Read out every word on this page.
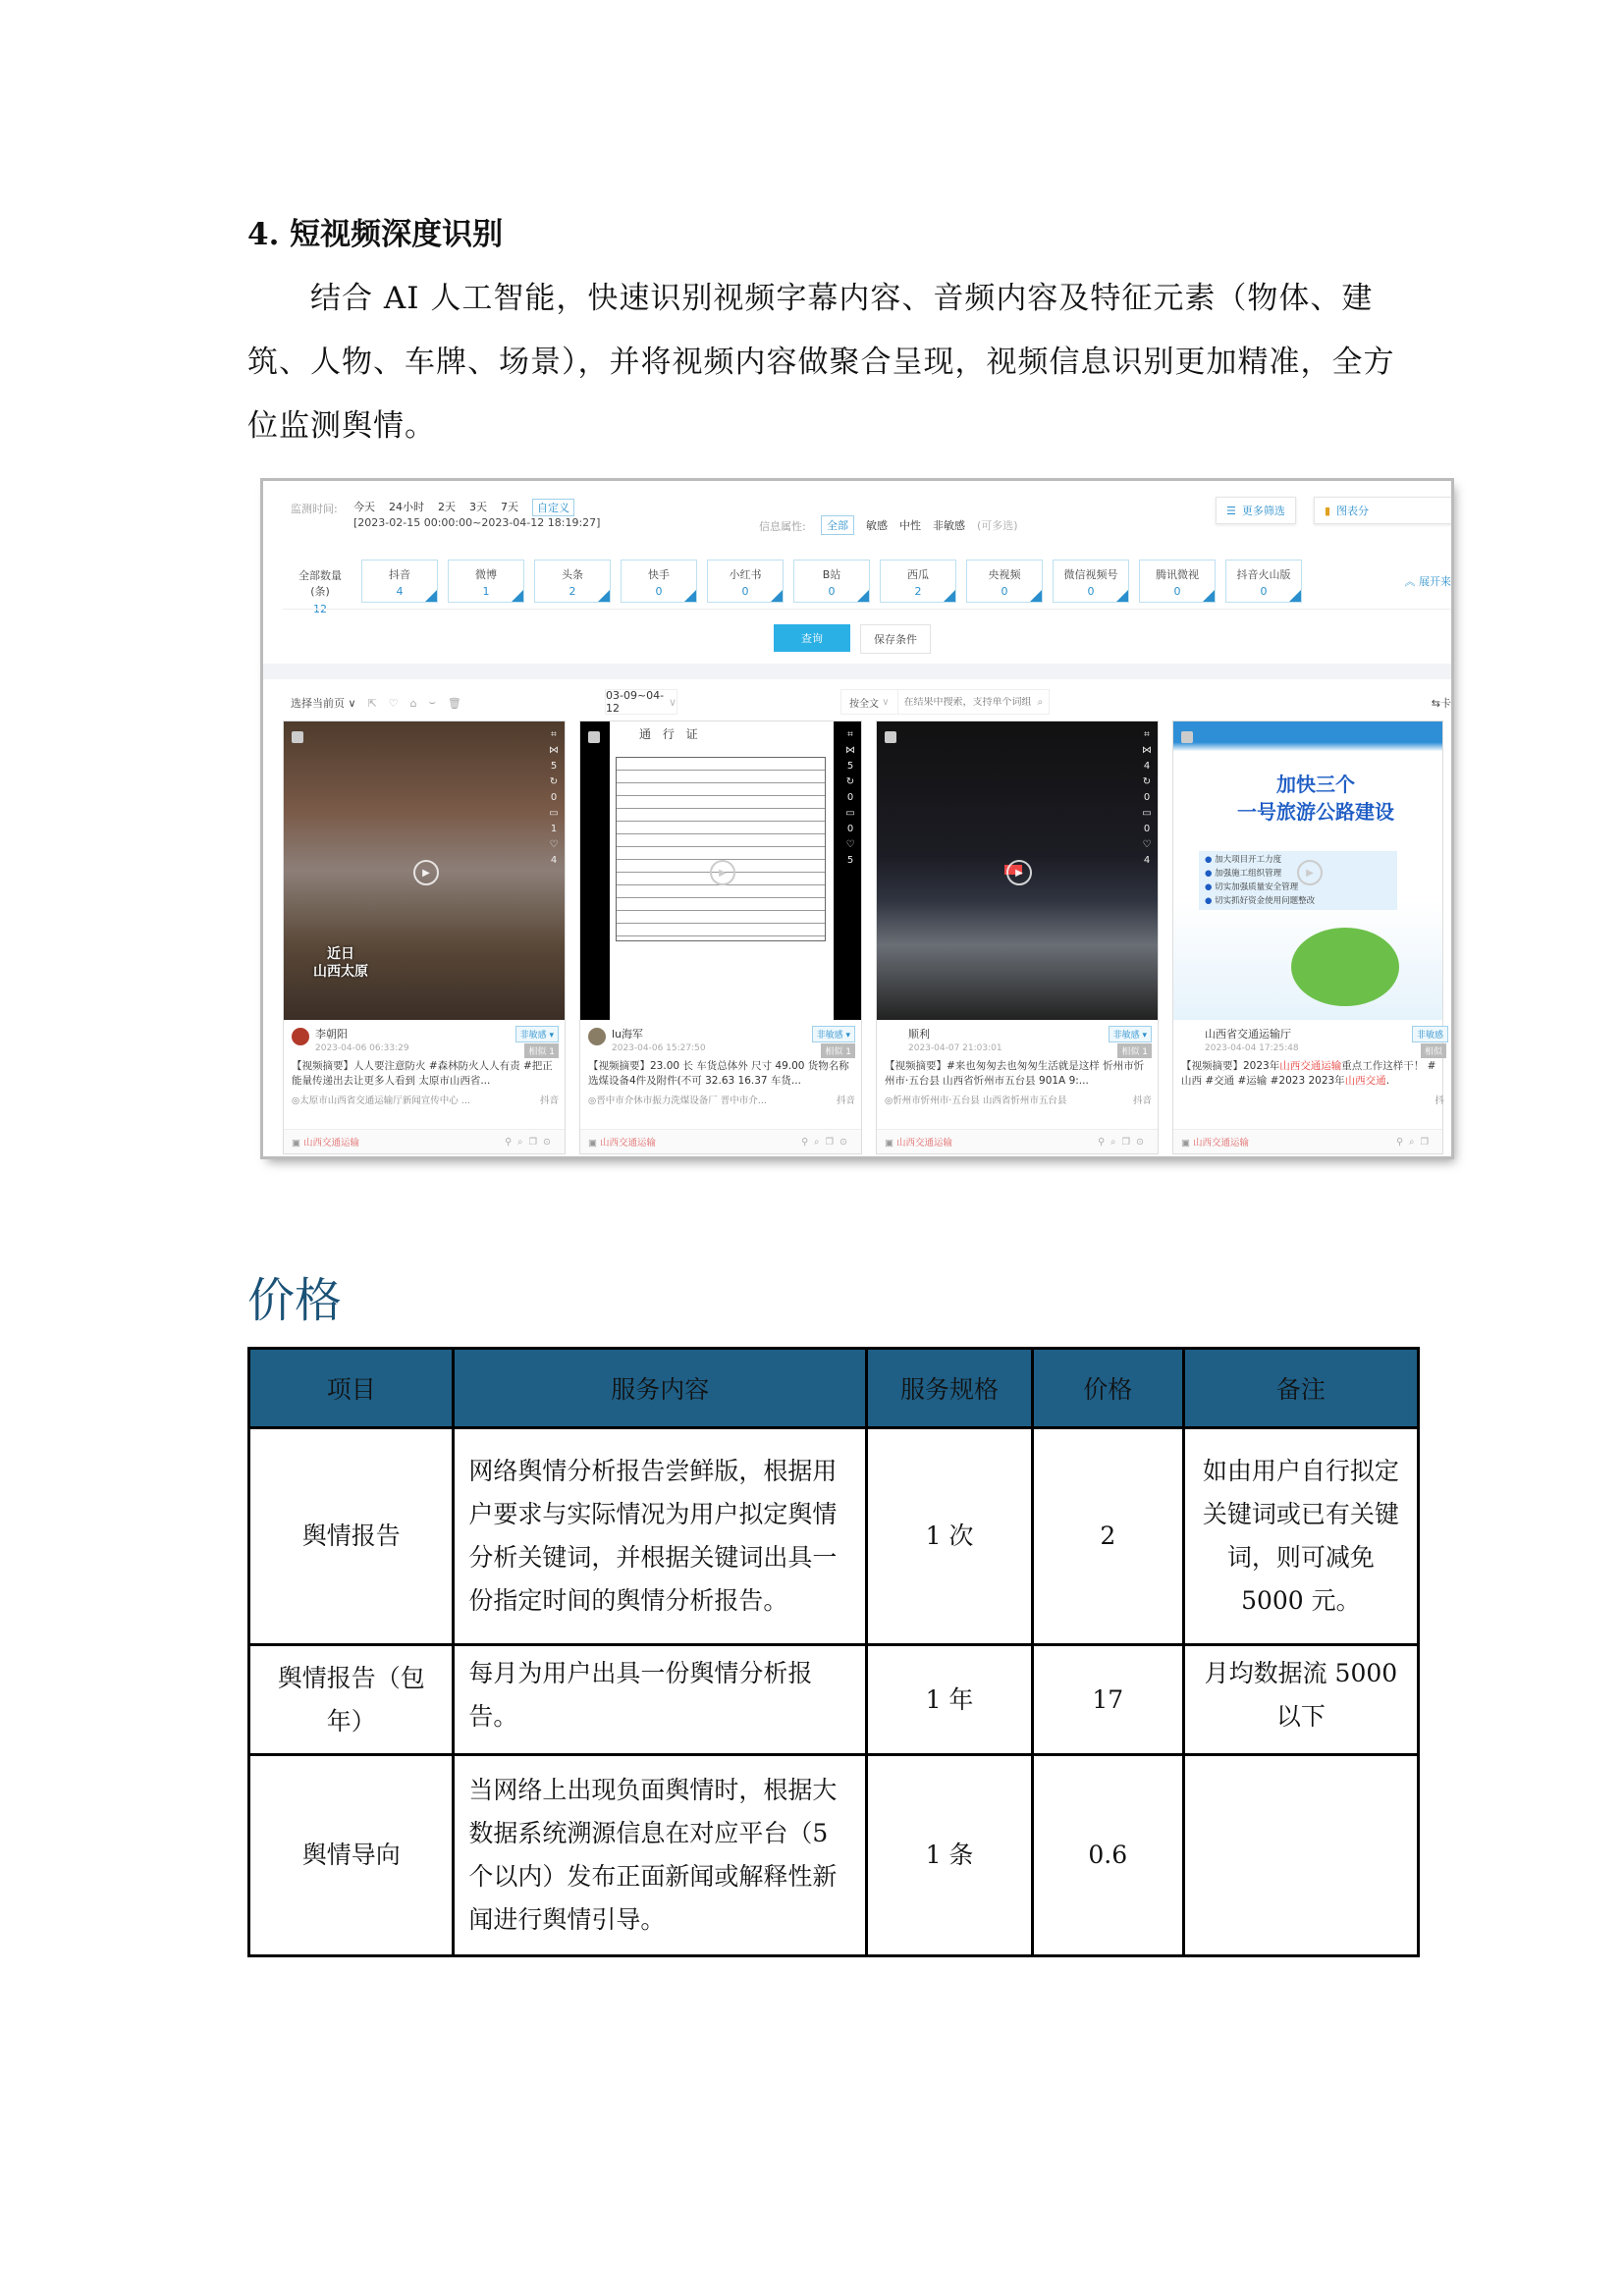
4. 短视频深度识别
结合 AI 人工智能，快速识别视频字幕内容、音频内容及特征元素（物体、建筑、人物、车牌、场景），并将视频内容做聚合呈现，视频信息识别更加精准，全方位监测舆情。
监测时间: 今天 24小时 2天 3天 7天	自定义
[2023-02-15 00:00:00~2023-04-12 18:19:27]	信息属性:	全部	敏感 中性 非敏感 (可多选)
☰ 更多筛选	▮ 图表分
全部数量(条)
12
抖音
4
微博
1
头条
2
快手
0
小红书
0
B站
0
西瓜
2
央视频
0
微信视频号
0
腾讯微视
0
抖音火山版
0
︽ 展开来
查询	保存条件
选择当前页 ∨ ⇱ ♡ ⌂ ⌣ 🗑
03-09~04-12	∨	按全文
∨
在结果中搜索，支持单个词组	⌕	⇆卡
⌗
⋈
5
↻
0
▭
1
♡
4
▶
近日
山西太原
李朝阳
2023-04-06 06:33:29
非敏感 ▾
相似 1
【视频摘要】人人要注意防火 #森林防火人人有责 #把正能量传递出去让更多人看到 太原市山西省...
◎太原市山西省交通运输厅新闻宣传中心 ...	抖音
▣ 山西交通运输	⚲⌕❐⊙
通 行 证	⌗
⋈
5
↻
0
▭
0
♡
5
▶
lu海军
2023-04-06 15:27:50
非敏感 ▾
相似 1
【视频摘要】23.00 长 车货总体外 尺寸 49.00 货物名称 选煤设备4件及附件(不可 32.63 16.37 车货...
◎晋中市介休市振力洗煤设备厂 晋中市介...	抖音
▣ 山西交通运输	⚲⌕❐⊙
⌗
⋈
4
↻
0
▭
0
♡
4
▶
顺利
2023-04-07 21:03:01
非敏感 ▾
相似 1
【视频摘要】#来也匆匆去也匆匆生活就是这样 忻州市忻州市·五台县 山西省忻州市五台县 901A 9:...
◎忻州市忻州市·五台县 山西省忻州市五台县	抖音
▣ 山西交通运输	⚲⌕❐⊙
加快三个
一号旅游公路建设
● 加大项目开工力度
● 加强施工组织管理
● 切实加强质量安全管理
● 切实抓好资金使用问题整改
▶
山西省交通运输厅
2023-04-04 17:25:48
非敏感
相似
【视频摘要】2023年山西交通运输重点工作这样干！ #山西 #交通 #运输 #2023 2023年山西交通.
抖
▣ 山西交通运输	⚲⌕❐
价格
项目	服务内容	服务规格	价格	备注
舆情报告	网络舆情分析报告尝鲜版，根据用户要求与实际情况为用户拟定舆情分析关键词，并根据关键词出具一份指定时间的舆情分析报告。	1 次	2	如由用户自行拟定关键词或已有关键词，则可减免 5000 元。
舆情报告（包年）	每月为用户出具一份舆情分析报告。	1 年	17	月均数据流 5000 以下
舆情导向	当网络上出现负面舆情时，根据大数据系统溯源信息在对应平台（5 个以内）发布正面新闻或解释性新闻进行舆情引导。	1 条	0.6	
